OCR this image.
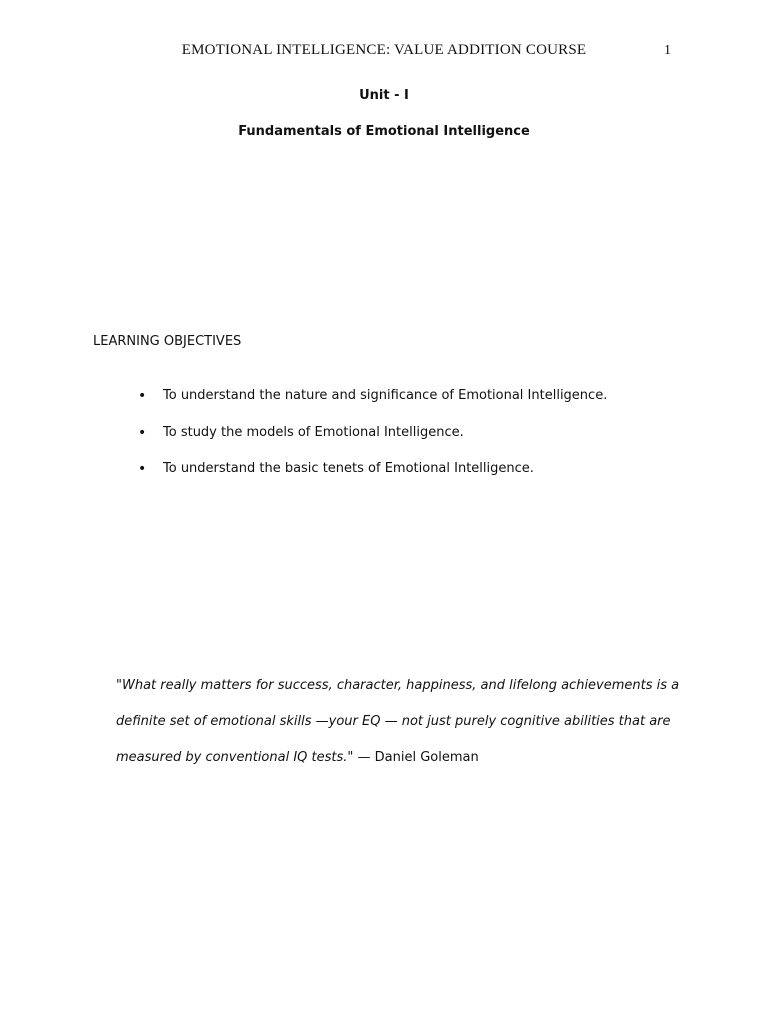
EMOTIONAL INTELLIGENCE: VALUE ADDITION COURSE	1
Unit - I
Fundamentals of Emotional Intelligence
LEARNING OBJECTIVES
• To understand the nature and significance of Emotional Intelligence.
• To study the models of Emotional Intelligence.
• To understand the basic tenets of Emotional Intelligence.
"What really matters for success, character, happiness, and lifelong achievements is a
definite set of emotional skills —your EQ — not just purely cognitive abilities that are
measured by conventional IQ tests." — Daniel Goleman
